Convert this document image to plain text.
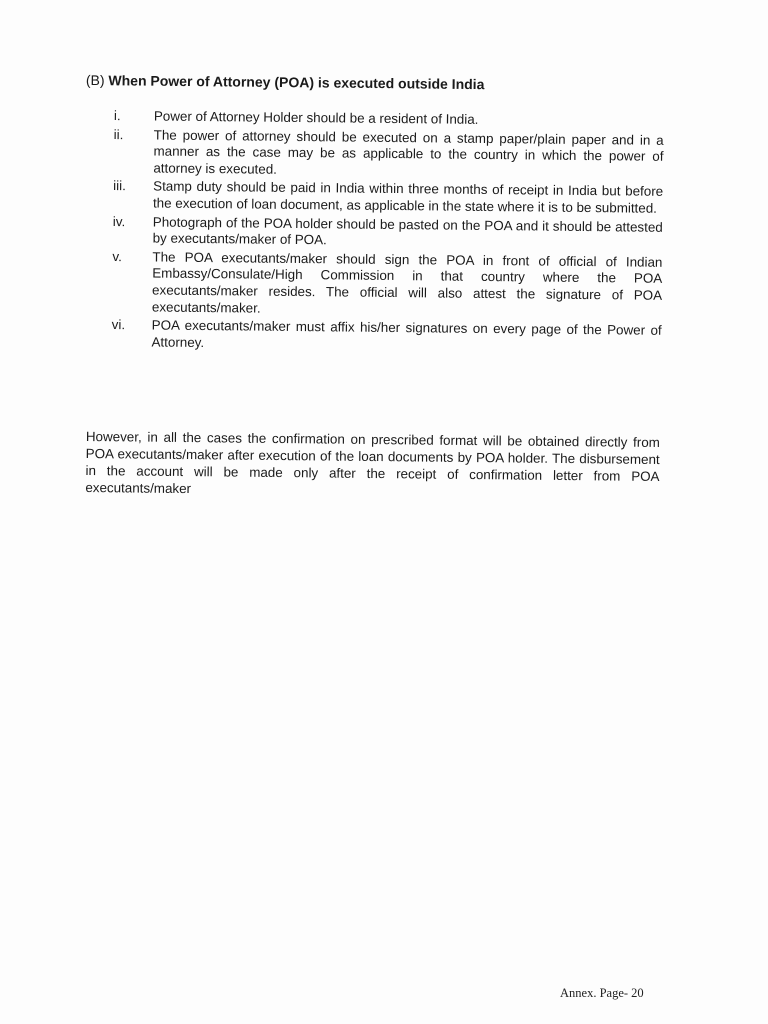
(B) When Power of Attorney (POA) is executed outside India
i.	Power of Attorney Holder should be a resident of India.
ii.	The power of attorney should be executed on a stamp paper/plain paper and in a manner as the case may be as applicable to the country in which the power of attorney is executed.
iii.	Stamp duty should be paid in India within three months of receipt in India but before the execution of loan document, as applicable in the state where it is to be submitted.
iv.	Photograph of the POA holder should be pasted on the POA and it should be attested by executants/maker of POA.
v.	The POA executants/maker should sign the POA in front of official of Indian Embassy/Consulate/High Commission in that country where the POA executants/maker resides. The official will also attest the signature of POA executants/maker.
vi.	POA executants/maker must affix his/her signatures on every page of the Power of Attorney.

However, in all the cases the confirmation on prescribed format will be obtained directly from POA executants/maker after execution of the loan documents by POA holder. The disbursement in the account will be made only after the receipt of confirmation letter from POA executants/maker

Annex. Page- 20
